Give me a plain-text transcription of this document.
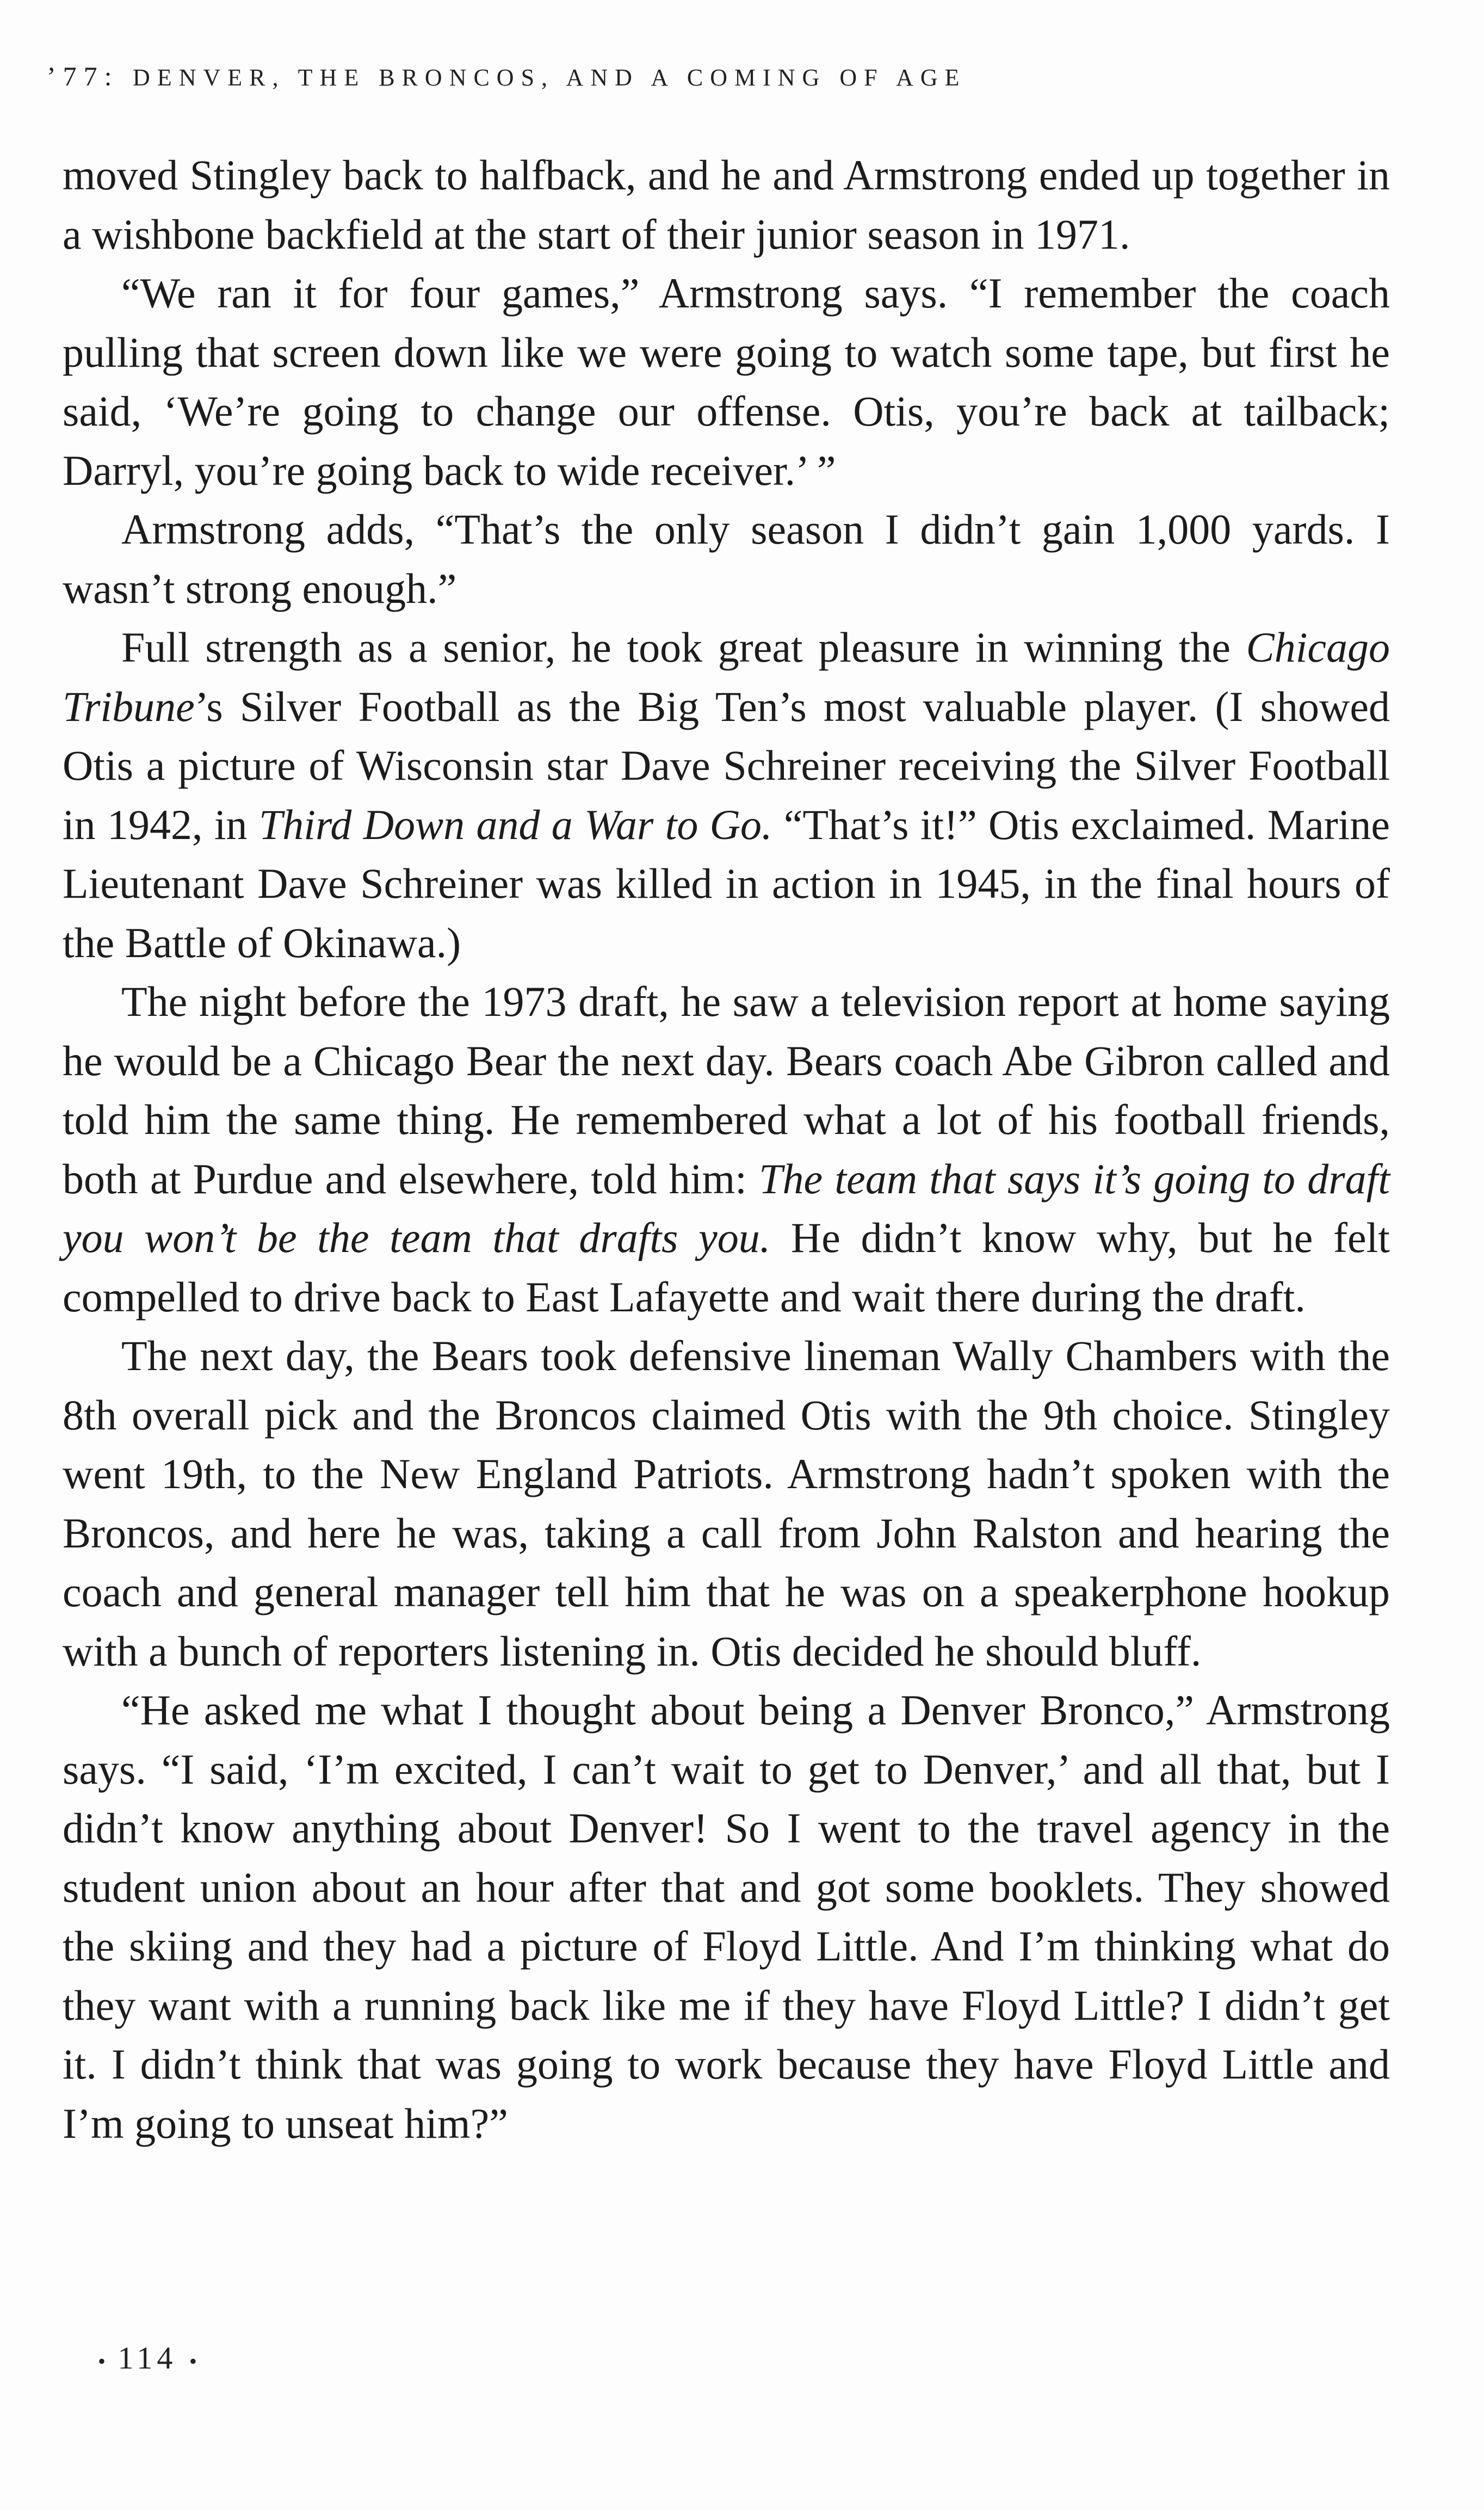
’77: DENVER, THE BRONCOS, AND A COMING OF AGE

moved Stingley back to halfback, and he and Armstrong ended up together in a wishbone backfield at the start of their junior season in 1971.

“We ran it for four games,” Armstrong says. “I remember the coach pulling that screen down like we were going to watch some tape, but first he said, ‘We’re going to change our offense. Otis, you’re back at tailback; Darryl, you’re going back to wide receiver.’ ”

Armstrong adds, “That’s the only season I didn’t gain 1,000 yards. I wasn’t strong enough.”

Full strength as a senior, he took great pleasure in winning the Chicago Tribune’s Silver Football as the Big Ten’s most valuable player. (I showed Otis a picture of Wisconsin star Dave Schreiner receiving the Silver Football in 1942, in Third Down and a War to Go. “That’s it!” Otis exclaimed. Marine Lieutenant Dave Schreiner was killed in action in 1945, in the final hours of the Battle of Okinawa.)

The night before the 1973 draft, he saw a television report at home saying he would be a Chicago Bear the next day. Bears coach Abe Gibron called and told him the same thing. He remembered what a lot of his football friends, both at Purdue and elsewhere, told him: The team that says it’s going to draft you won’t be the team that drafts you. He didn’t know why, but he felt compelled to drive back to East Lafayette and wait there during the draft.

The next day, the Bears took defensive lineman Wally Chambers with the 8th overall pick and the Broncos claimed Otis with the 9th choice. Stingley went 19th, to the New England Patriots. Armstrong hadn’t spoken with the Broncos, and here he was, taking a call from John Ralston and hearing the coach and general manager tell him that he was on a speakerphone hookup with a bunch of reporters listening in. Otis decided he should bluff.

“He asked me what I thought about being a Denver Bronco,” Armstrong says. “I said, ‘I’m excited, I can’t wait to get to Denver,’ and all that, but I didn’t know anything about Denver! So I went to the travel agency in the student union about an hour after that and got some booklets. They showed the skiing and they had a picture of Floyd Little. And I’m thinking what do they want with a running back like me if they have Floyd Little? I didn’t get it. I didn’t think that was going to work because they have Floyd Little and I’m going to unseat him?”

• 114 •
